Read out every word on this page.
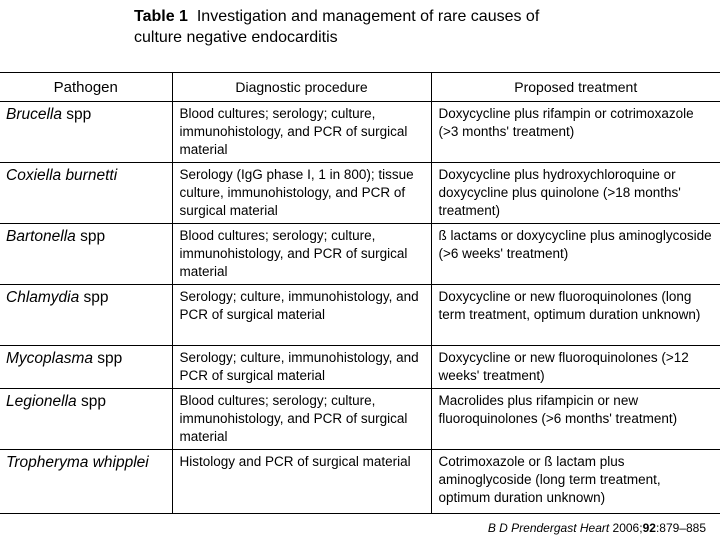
Table 1 Investigation and management of rare causes of
culture negative endocarditis
Pathogen	Diagnostic procedure	Proposed treatment
Brucella spp	Blood cultures; serology; culture, immunohistology, and PCR of surgical material	Doxycycline plus rifampin or cotrimoxazole (>3 months' treatment)
Coxiella burnetti	Serology (IgG phase I, 1 in 800); tissue culture, immunohistology, and PCR of surgical material	Doxycycline plus hydroxychloroquine or doxycycline plus quinolone (>18 months' treatment)
Bartonella spp	Blood cultures; serology; culture, immunohistology, and PCR of surgical material	ß lactams or doxycycline plus aminoglycoside (>6 weeks' treatment)
Chlamydia spp	Serology; culture, immunohistology, and PCR of surgical material	Doxycycline or new fluoroquinolones (long term treatment, optimum duration unknown)
Mycoplasma spp	Serology; culture, immunohistology, and PCR of surgical material	Doxycycline or new fluoroquinolones (>12 weeks' treatment)
Legionella spp	Blood cultures; serology; culture, immunohistology, and PCR of surgical material	Macrolides plus rifampicin or new fluoroquinolones (>6 months' treatment)
Tropheryma whipplei	Histology and PCR of surgical material	Cotrimoxazole or ß lactam plus aminoglycoside (long term treatment, optimum duration unknown)
B D Prendergast Heart 2006;92:879–885
